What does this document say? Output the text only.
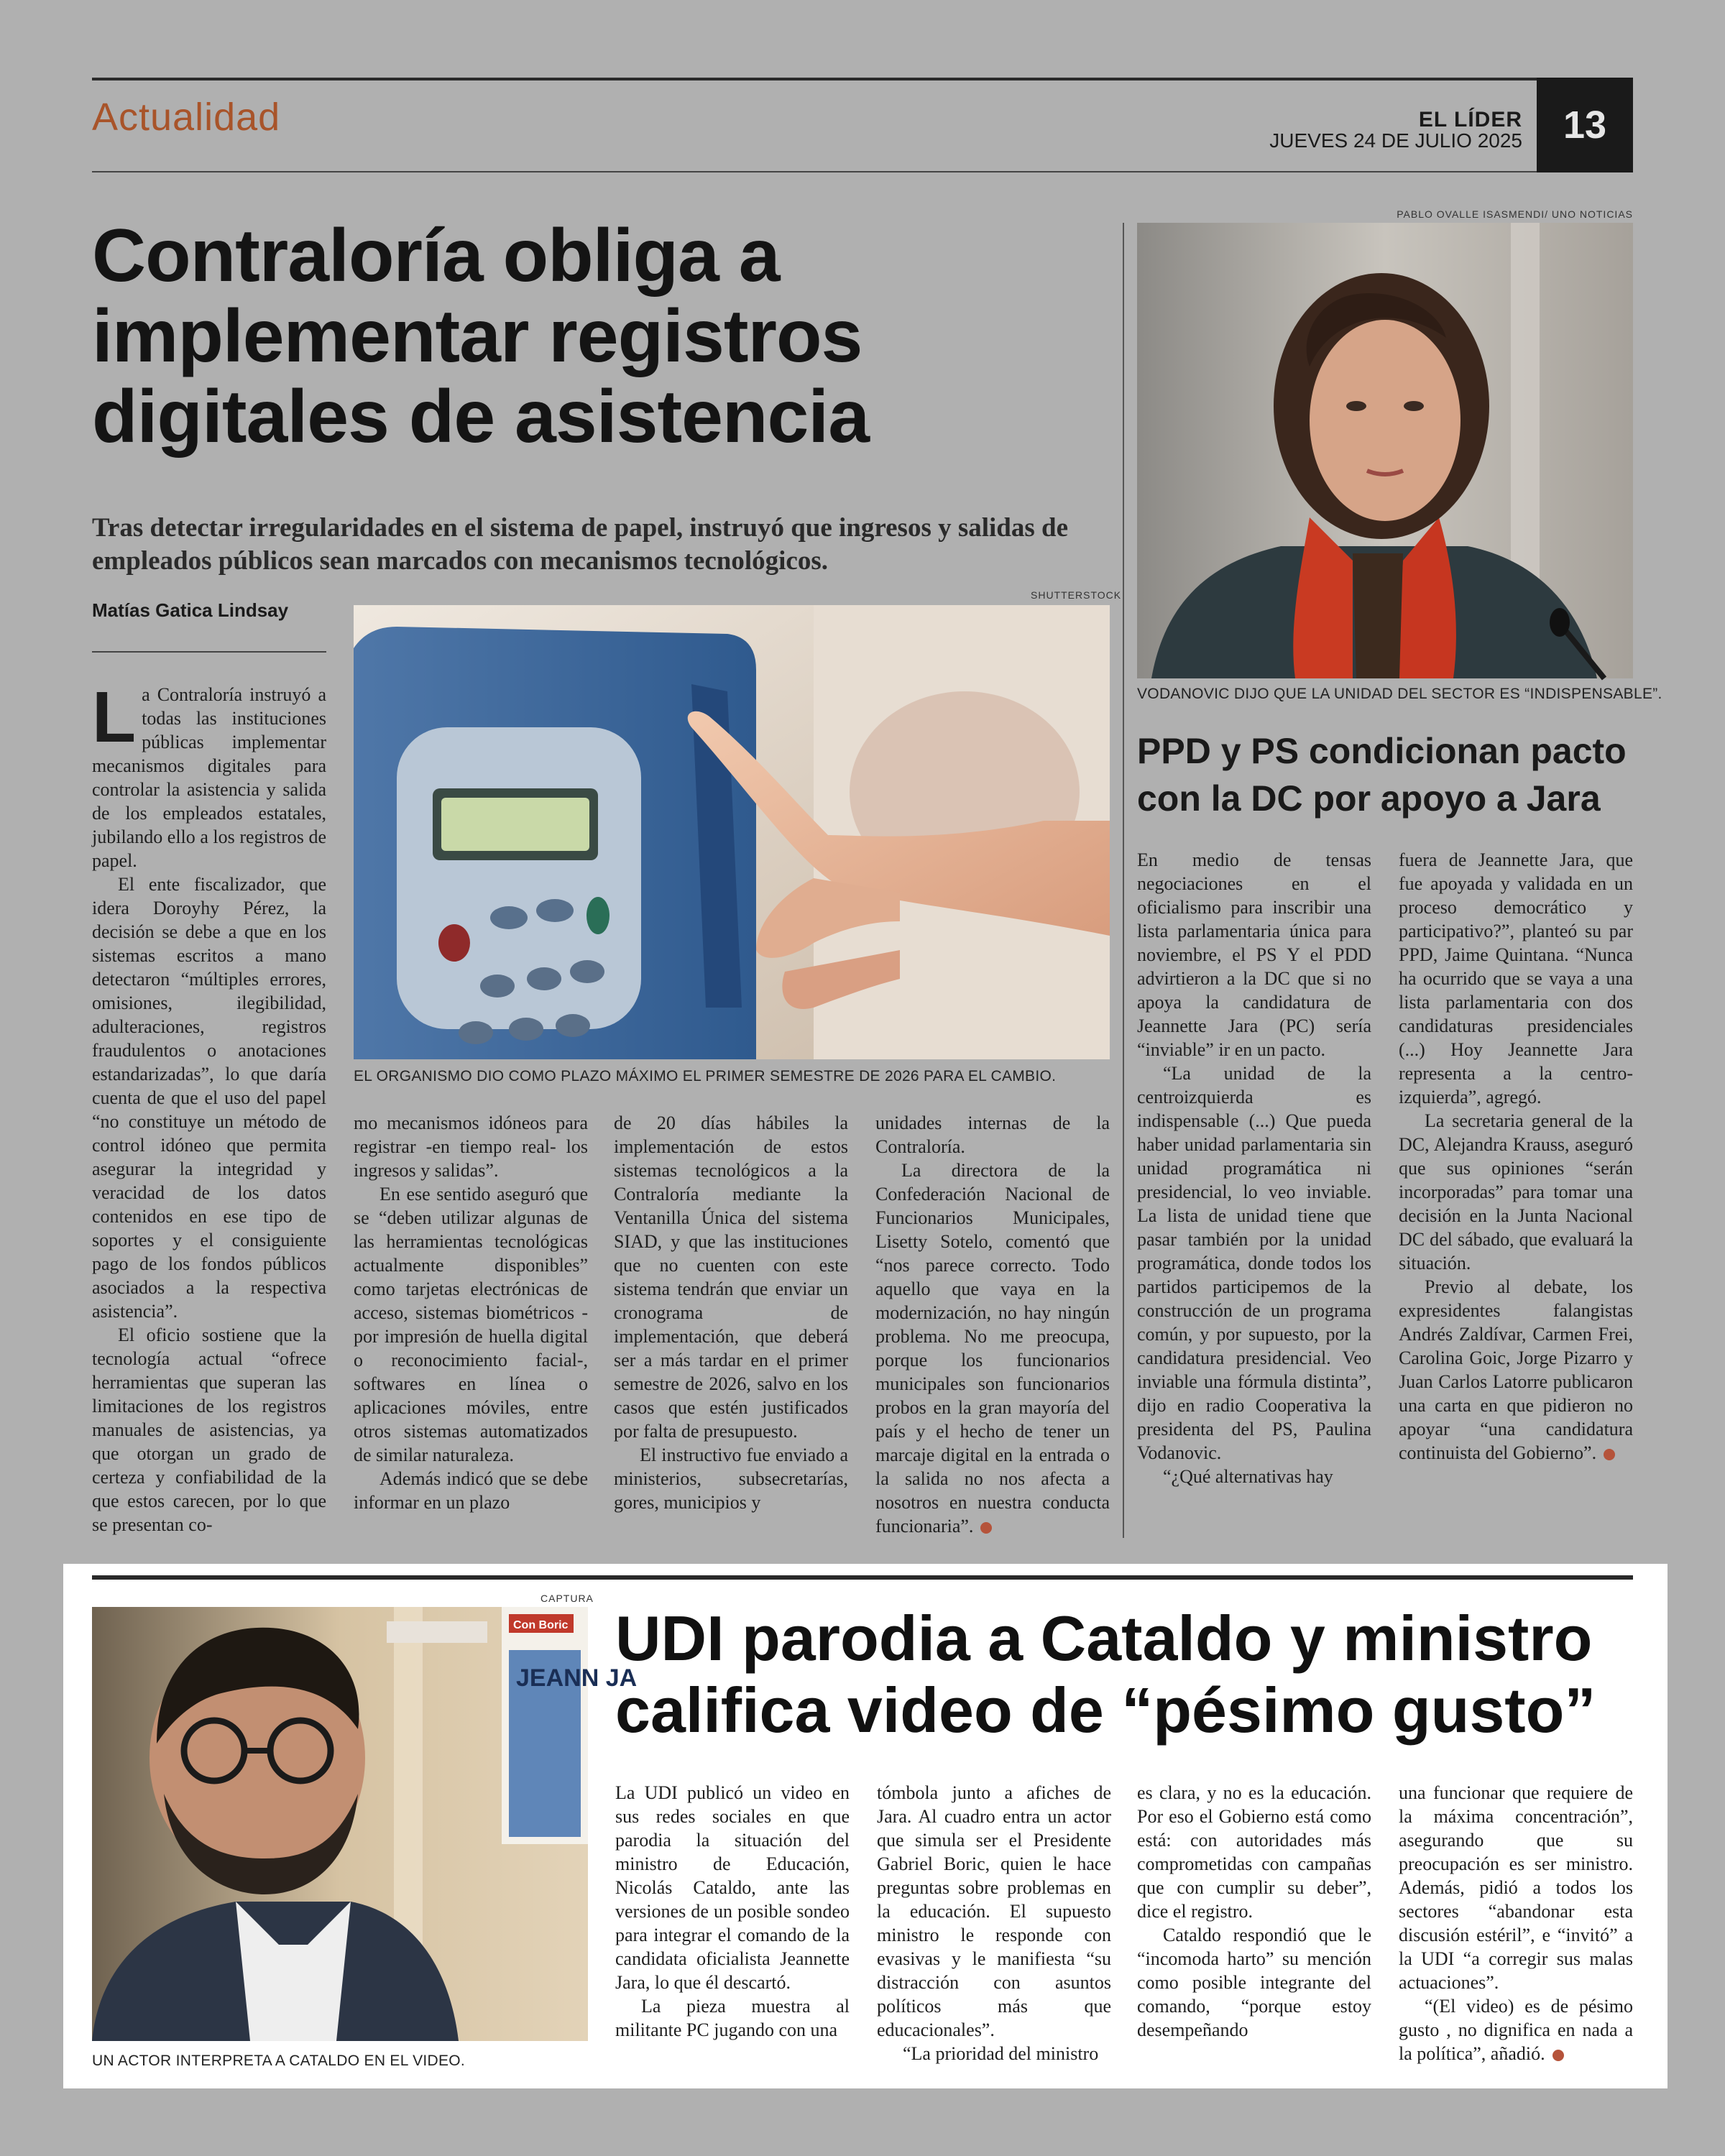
Actualidad	EL LÍDER
JUEVES 24 DE JULIO 2025	13
Contraloría obliga a implementar registros digitales de asistencia
Tras detectar irregularidades en el sistema de papel, instruyó que ingresos y salidas de empleados públicos sean marcados con mecanismos tecnológicos.
Matías Gatica Lindsay
SHUTTERSTOCK
EL ORGANISMO DIO COMO PLAZO MÁXIMO EL PRIMER SEMESTRE DE 2026 PARA EL CAMBIO.

La Contraloría instruyó a todas las instituciones públicas implementar mecanismos digitales para controlar la asistencia y salida de los empleados estatales, jubilando ello a los registros de papel.

El ente fiscalizador, que idera Doroyhy Pérez, la decisión se debe a que en los sistemas escritos a mano detectaron “múltiples errores, omisiones, ilegibilidad, adulteraciones, registros fraudulentos o anotaciones estandarizadas”, lo que daría cuenta de que el uso del papel “no constituye un método de control idóneo que permita asegurar la integridad y veracidad de los datos contenidos en ese tipo de soportes y el consiguiente pago de los fondos públicos asociados a la respectiva asistencia”.

El oficio sostiene que la tecnología actual “ofrece herramientas que superan las limitaciones de los registros manuales de asistencias, ya que otorgan un grado de certeza y confiabilidad de la que estos carecen, por lo que se presentan co-

mo mecanismos idóneos para registrar -en tiempo real- los ingresos y salidas”.

En ese sentido aseguró que se “deben utilizar algunas de las herramientas tecnológicas actualmente disponibles” como tarjetas electrónicas de acceso, sistemas biométricos -por impresión de huella digital o reconocimiento facial-, softwares en línea o aplicaciones móviles, entre otros sistemas automatizados de similar naturaleza.

Además indicó que se debe informar en un plazo

de 20 días hábiles la implementación de estos sistemas tecnológicos a la Contraloría mediante la Ventanilla Única del sistema SIAD, y que las instituciones que no cuenten con este sistema tendrán que enviar un cronograma de implementación, que deberá ser a más tardar en el primer semestre de 2026, salvo en los casos que estén justificados por falta de presupuesto.

El instructivo fue enviado a ministerios, subsecretarías, gores, municipios y

unidades internas de la Contraloría.

La directora de la Confederación Nacional de Funcionarios Municipales, Lisetty Sotelo, comentó que “nos parece correcto. Todo aquello que vaya en la modernización, no hay ningún problema. No me preocupa, porque los funcionarios municipales son funcionarios probos en la gran mayoría del país y el hecho de tener un marcaje digital en la entrada o la salida no nos afecta a nosotros en nuestra conducta funcionaria”.

PABLO OVALLE ISASMENDI/ UNO NOTICIAS
VODANOVIC DIJO QUE LA UNIDAD DEL SECTOR ES “INDISPENSABLE”.
PPD y PS condicionan pacto con la DC por apoyo a Jara

En medio de tensas negociaciones en el oficialismo para inscribir una lista parlamentaria única para noviembre, el PS Y el PDD advirtieron a la DC que si no apoya la candidatura de Jeannette Jara (PC) sería “inviable” ir en un pacto.

“La unidad de la centroizquierda es indispensable (...) Que pueda haber unidad parlamentaria sin unidad programática ni presidencial, lo veo inviable. La lista de unidad tiene que pasar también por la unidad programática, donde todos los partidos participemos de la construcción de un programa común, y por supuesto, por la candidatura presidencial. Veo inviable una fórmula distinta”, dijo en radio Cooperativa la presidenta del PS, Paulina Vodanovic.

“¿Qué alternativas hay

fuera de Jeannette Jara, que fue apoyada y validada en un proceso democrático y participativo?”, planteó su par PPD, Jaime Quintana. “Nunca ha ocurrido que se vaya a una lista parlamentaria con dos candidaturas presidenciales (...) Hoy Jeannette Jara representa a la centro-izquierda”, agregó.

La secretaria general de la DC, Alejandra Krauss, aseguró que sus opiniones “serán incorporadas” para tomar una decisión en la Junta Nacional DC del sábado, que evaluará la situación.

Previo al debate, los expresidentes falangistas Andrés Zaldívar, Carmen Frei, Carolina Goic, Jorge Pizarro y Juan Carlos Latorre publicaron una carta en que pidieron no apoyar “una candidatura continuista del Gobierno”.

CAPTURA
JEANN JA
Con Boric
UN ACTOR INTERPRETA A CATALDO EN EL VIDEO.
UDI parodia a Cataldo y ministro califica video de “pésimo gusto”

La UDI publicó un video en sus redes sociales en que parodia la situación del ministro de Educación, Nicolás Cataldo, ante las versiones de un posible sondeo para integrar el comando de la candidata oficialista Jeannette Jara, lo que él descartó.

La pieza muestra al militante PC jugando con una

tómbola junto a afiches de Jara. Al cuadro entra un actor que simula ser el Presidente Gabriel Boric, quien le hace preguntas sobre problemas en la educación. El supuesto ministro le responde con evasivas y le manifiesta “su distracción con asuntos políticos más que educacionales”.

“La prioridad del ministro

es clara, y no es la educación. Por eso el Gobierno está como está: con autoridades más comprometidas con campañas que con cumplir su deber”, dice el registro.

Cataldo respondió que le “incomoda harto” su mención como posible integrante del comando, “porque estoy desempeñando

una funcionar que requiere de la máxima concentración”, asegurando que su preocupación es ser ministro. Además, pidió a todos los sectores “abandonar esta discusión estéril”, e “invitó” a la UDI “a corregir sus malas actuaciones”.

“(El video) es de pésimo gusto , no dignifica en nada a la política”, añadió.
